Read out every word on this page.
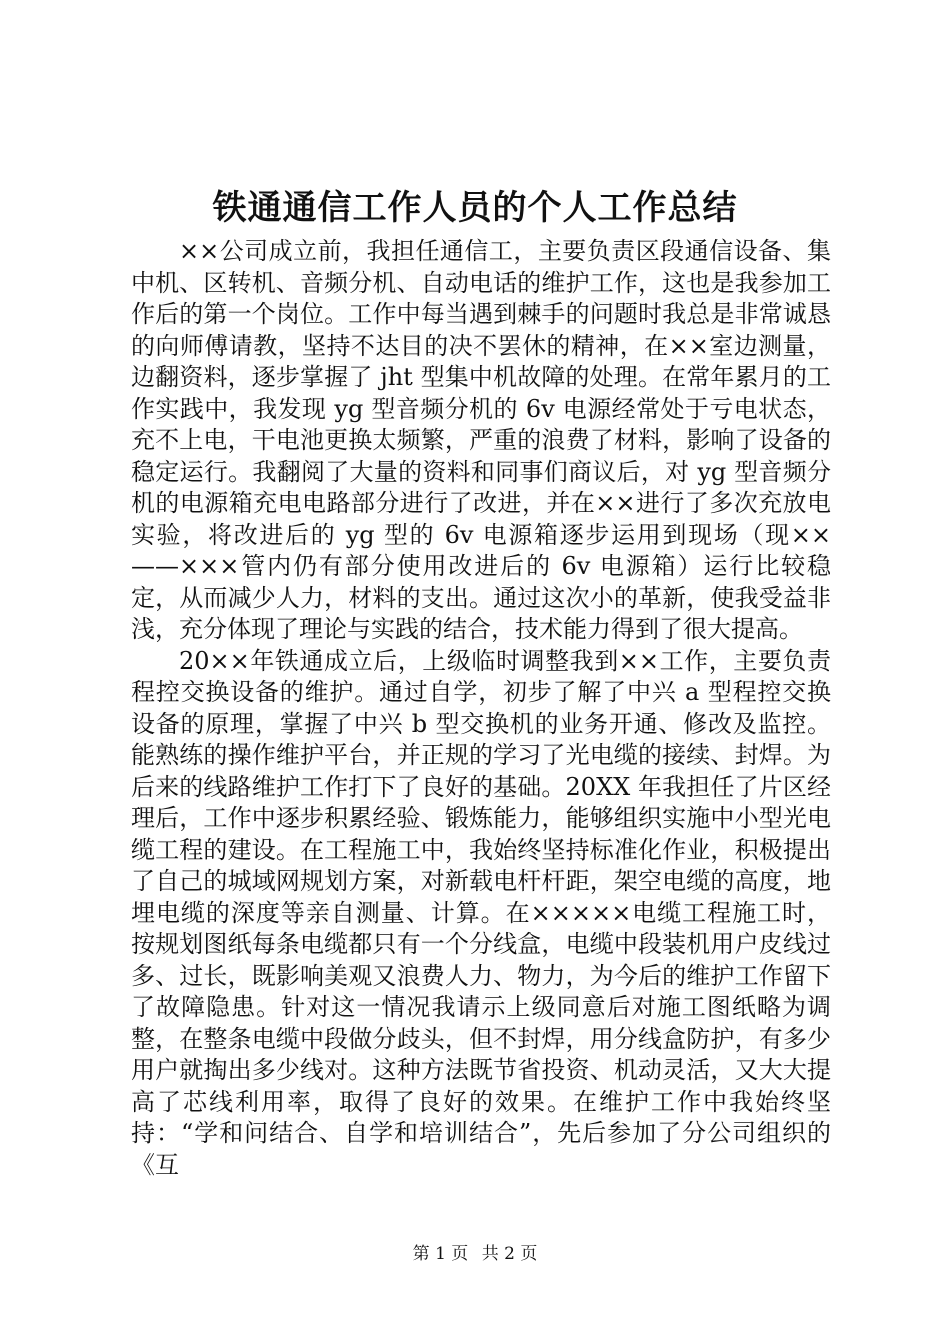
铁通通信工作人员的个人工作总结

××公司成立前，我担任通信工，主要负责区段通信设备、集中机、区转机、音频分机、自动电话的维护工作，这也是我参加工作后的第一个岗位。工作中每当遇到棘手的问题时我总是非常诚恳的向师傅请教，坚持不达目的决不罢休的精神，在××室边测量，边翻资料，逐步掌握了 jht 型集中机故障的处理。在常年累月的工作实践中，我发现 yg 型音频分机的 6v 电源经常处于亏电状态，充不上电，干电池更换太频繁，严重的浪费了材料，影响了设备的稳定运行。我翻阅了大量的资料和同事们商议后，对 yg 型音频分机的电源箱充电电路部分进行了改进，并在××进行了多次充放电实验，将改进后的 yg 型的 6v 电源箱逐步运用到现场（现××——×××管内仍有部分使用改进后的 6v 电源箱）运行比较稳定，从而减少人力，材料的支出。通过这次小的革新，使我受益非浅，充分体现了理论与实践的结合，技术能力得到了很大提高。

20××年铁通成立后，上级临时调整我到××工作，主要负责程控交换设备的维护。通过自学，初步了解了中兴 a 型程控交换设备的原理，掌握了中兴 b 型交换机的业务开通、修改及监控。能熟练的操作维护平台，并正规的学习了光电缆的接续、封焊。为后来的线路维护工作打下了良好的基础。20XX 年我担任了片区经理后，工作中逐步积累经验、锻炼能力，能够组织实施中小型光电缆工程的建设。在工程施工中，我始终坚持标准化作业，积极提出了自己的城域网规划方案，对新载电杆杆距，架空电缆的高度，地埋电缆的深度等亲自测量、计算。在×××××电缆工程施工时，按规划图纸每条电缆都只有一个分线盒，电缆中段装机用户皮线过多、过长，既影响美观又浪费人力、物力，为今后的维护工作留下了故障隐患。针对这一情况我请示上级同意后对施工图纸略为调整，在整条电缆中段做分歧头，但不封焊，用分线盒防护，有多少用户就掏出多少线对。这种方法既节省投资、机动灵活，又大大提高了芯线利用率，取得了良好的效果。在维护工作中我始终坚持：“学和问结合、自学和培训结合”，先后参加了分公司组织的《互

第 1 页 共 2 页
